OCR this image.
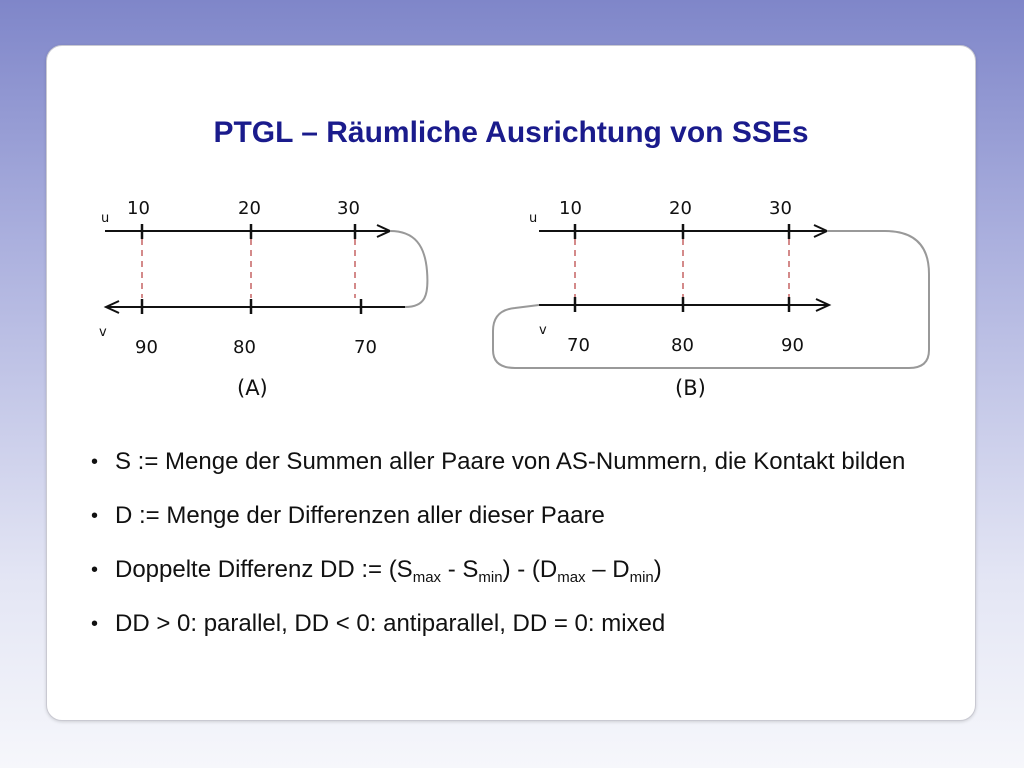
PTGL – Räumliche Ausrichtung von SSEs
u 10	20	30
v
90	80	70
(A)
u 10	20	30
v
70	80	90
(B)
• S := Menge der Summen aller Paare von AS-Nummern, die Kontakt bilden
• D := Menge der Differenzen aller dieser Paare
• Doppelte Differenz DD := $(S_{max} - S_{min}) - (D_{max} - D_{min})$
• DD > 0: parallel, DD < 0: antiparallel, DD = 0: mixed
